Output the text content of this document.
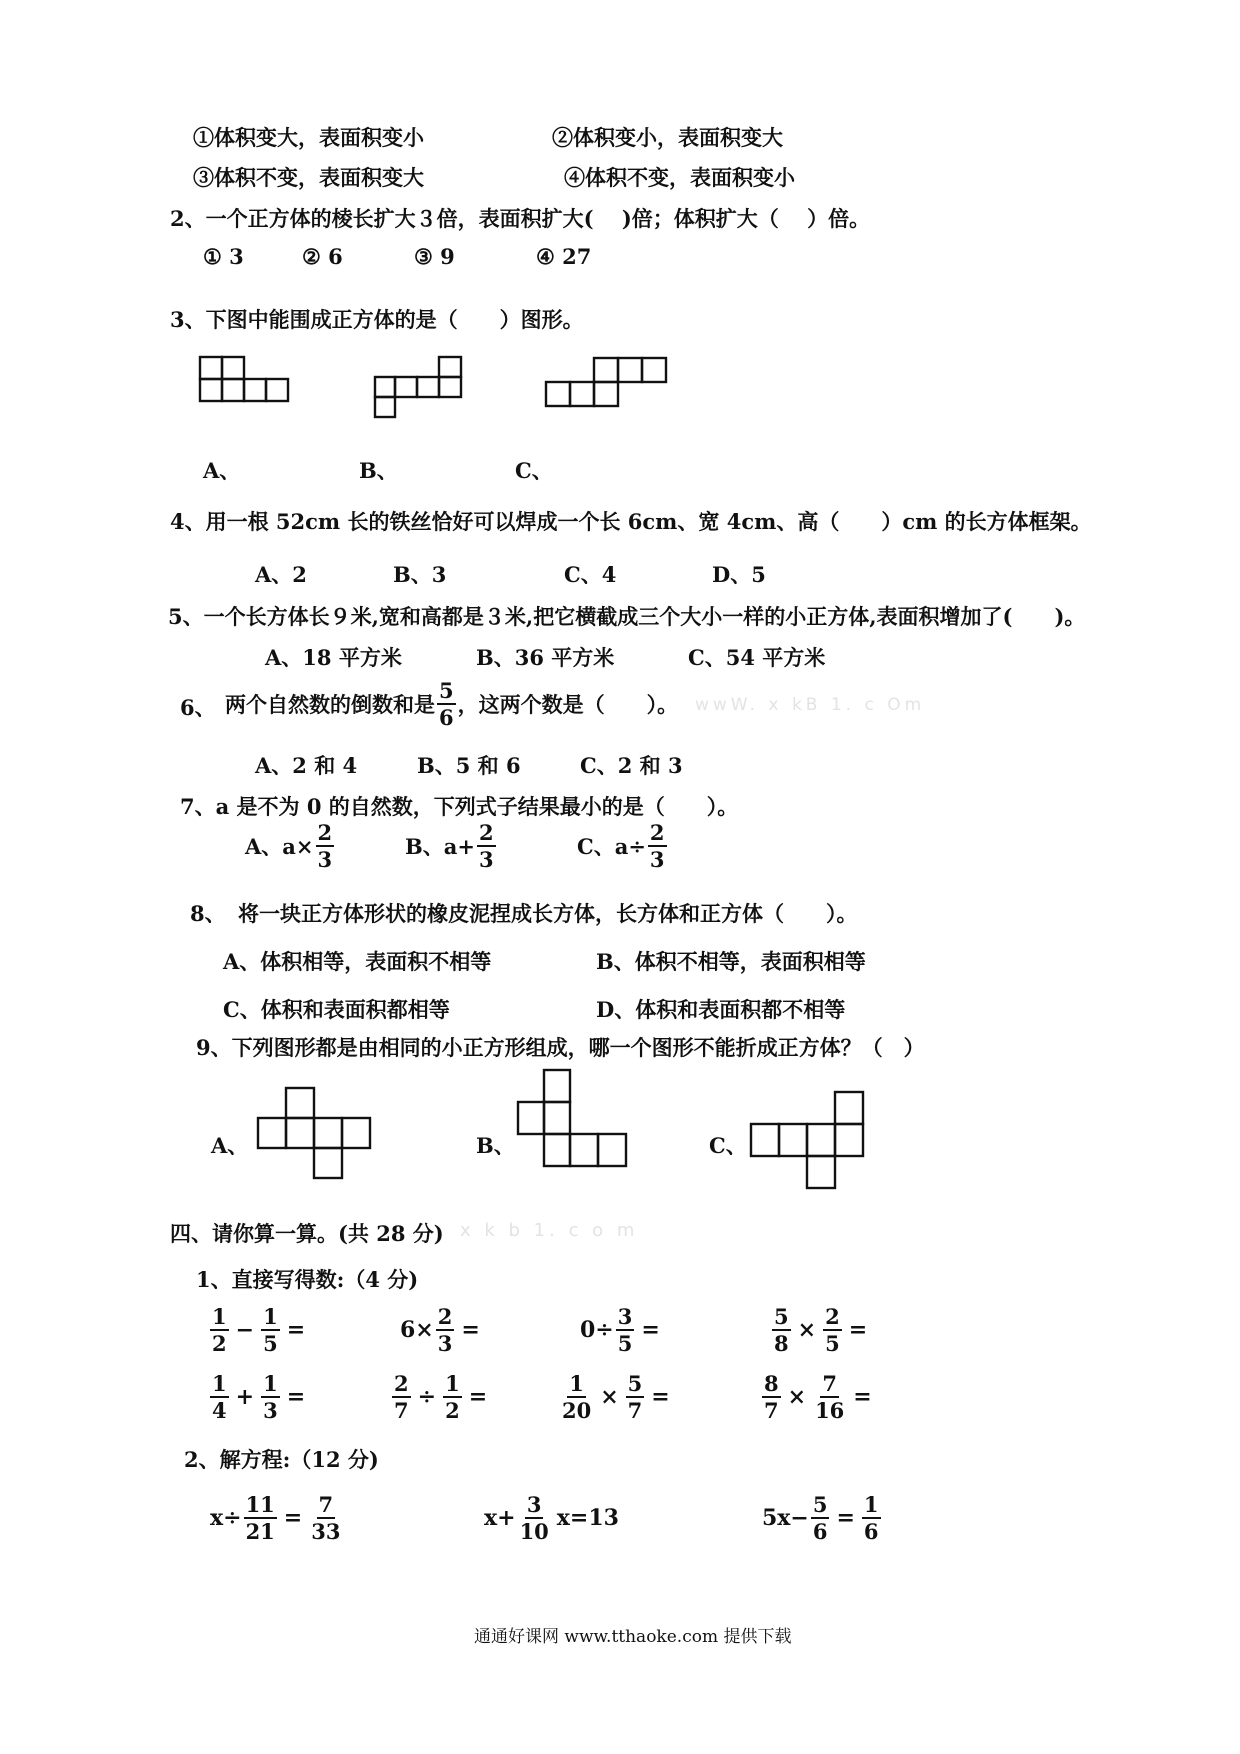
①体积变大，表面积变小	②体积变小，表面积变大
③体积不变，表面积变大	④体积不变，表面积变小
2、一个正方体的棱长扩大３倍，表面积扩大(　 )倍；体积扩大（　 ）倍。
① 3	② 6	③ 9	④ 27
3、下图中能围成正方体的是（　　）图形。
A、	B、	C、
4、用一根 52cm 长的铁丝恰好可以焊成一个长 6cm、宽 4cm、高（　　）cm 的长方体框架。
A、2	B、3	C、4	D、5
5、一个长方体长９米,宽和高都是３米,把它横截成三个大小一样的小正方体,表面积增加了(　　)。
A、18 平方米	B、36 平方米	C、54 平方米
6、 两个自然数的倒数和是 $\frac{5}{6}$ ，这两个数是（　　）。 wwW. x kB 1. c Om
A、2 和 4	B、5 和 6	C、2 和 3
7、a 是不为 0 的自然数，下列式子结果最小的是（　　）。
A、$a\times \frac{2}{3}$	B、$a+ \frac{2}{3}$	C、$a\div \frac{2}{3}$
8、 将一块正方体形状的橡皮泥捏成长方体，长方体和正方体（　　）。
A、体积相等，表面积不相等	B、体积不相等，表面积相等
C、体积和表面积都相等	D、体积和表面积都不相等
9、下列图形都是由相同的小正方形组成，哪一个图形不能折成正方体？（　）
A、	B、	C、
四、请你算一算。(共 28 分) x k b 1. c o m
1、直接写得数:（4 分)
$\frac{1}{2} - \frac{1}{5}$ =	$6\times \frac{2}{3}$ =	$0\div \frac{3}{5}$ =	$\frac{5}{8} \times \frac{2}{5}$ =
$\frac{1}{4} + \frac{1}{3}$ =	$\frac{2}{7} \div \frac{1}{2}$ =	$\frac{1}{20} \times \frac{5}{7}$ =	$\frac{8}{7} \times \frac{7}{16}$ =
2、解方程:（12 分)
$x\div \frac{11}{21} = \frac{7}{33}$	$x+ \frac{3}{10} x=13$	$5x- \frac{5}{6} = \frac{1}{6}$
通通好课网 www.tthaoke.com 提供下载
